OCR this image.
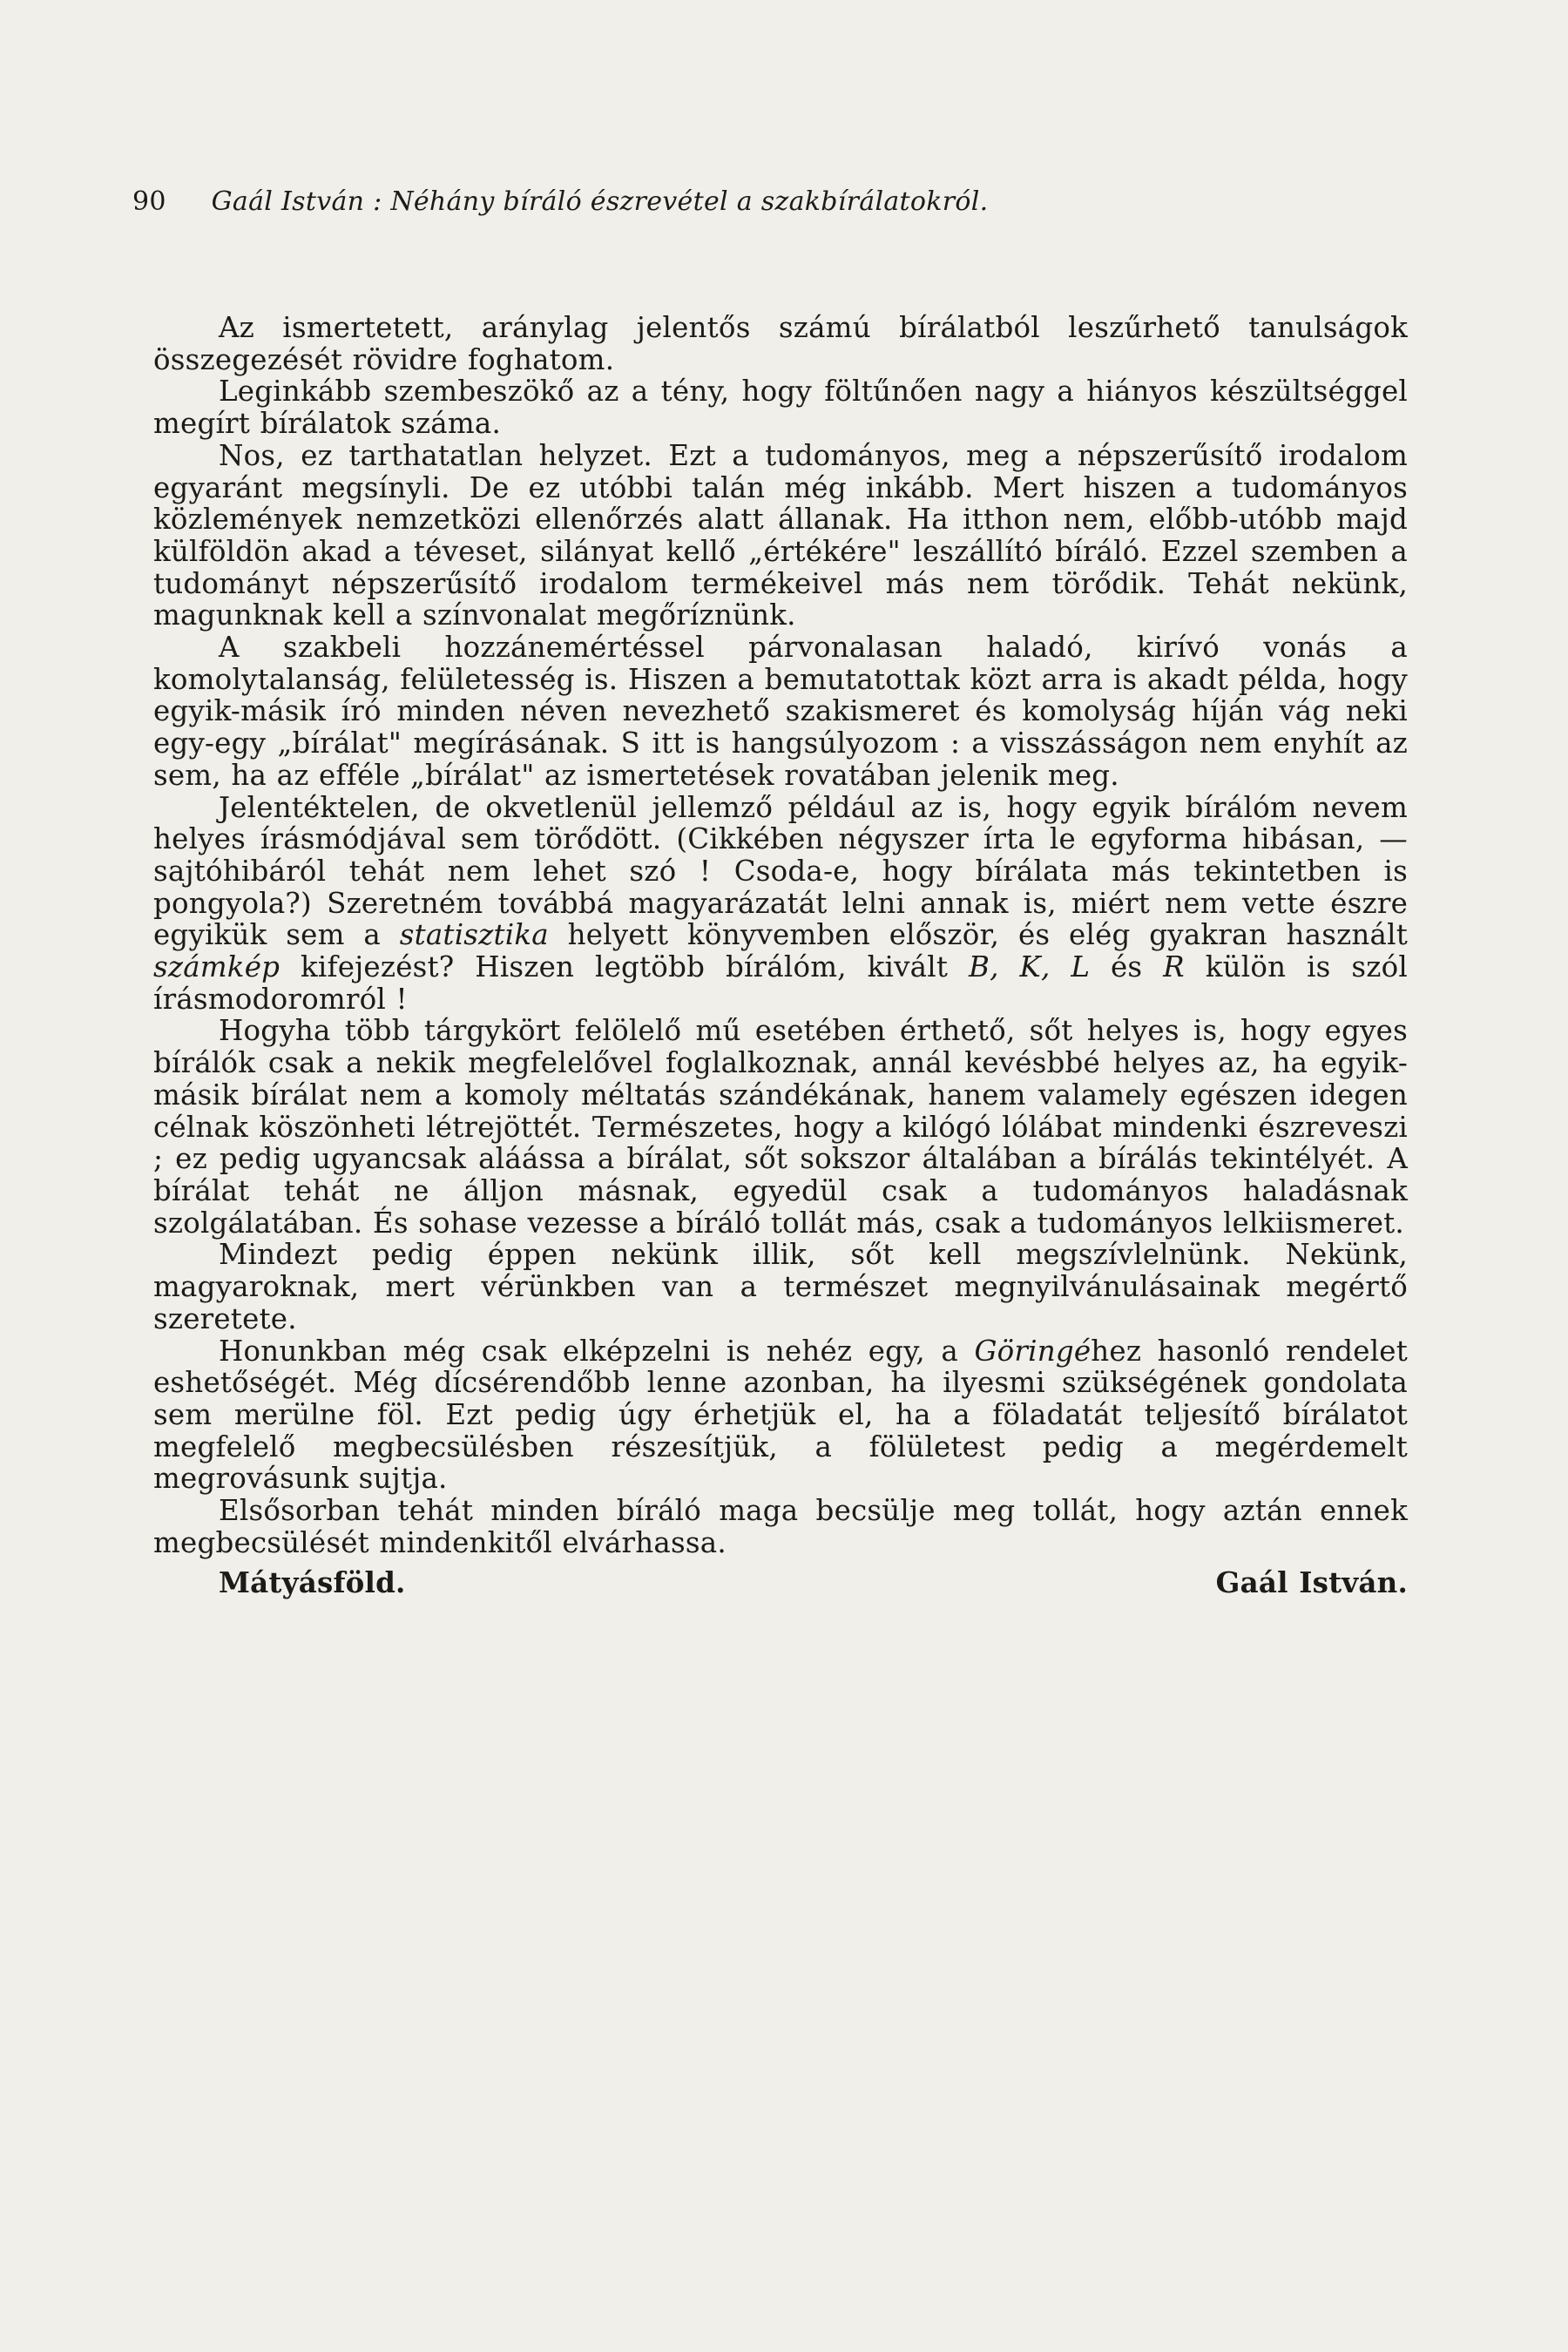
90 Gaál István : Néhány bíráló észrevétel a szakbírálatokról.

Az ismertetett, aránylag jelentős számú bírálatból leszűrhető tanulságok összegezését rövidre foghatom.

Leginkább szembeszökő az a tény, hogy föltűnően nagy a hiányos készültséggel megírt bírálatok száma.

Nos, ez tarthatatlan helyzet. Ezt a tudományos, meg a népszerűsítő irodalom egyaránt megsínyli. De ez utóbbi talán még inkább. Mert hiszen a tudományos közlemények nemzetközi ellenőrzés alatt állanak. Ha itthon nem, előbb-utóbb majd külföldön akad a téveset, silányat kellő „értékére" leszállító bíráló. Ezzel szemben a tudományt népszerűsítő irodalom termékeivel más nem törődik. Tehát nekünk, magunknak kell a színvonalat megőríznünk.

A szakbeli hozzánemértéssel párvonalasan haladó, kirívó vonás a komolytalanság, felületesség is. Hiszen a bemutatottak közt arra is akadt példa, hogy egyik-másik író minden néven nevezhető szakismeret és komolyság híján vág neki egy-egy „bírálat" megírásának. S itt is hangsúlyozom : a visszásságon nem enyhít az sem, ha az efféle „bírálat" az ismertetések rovatában jelenik meg.

Jelentéktelen, de okvetlenül jellemző például az is, hogy egyik bírálóm nevem helyes írásmódjával sem törődött. (Cikkében négyszer írta le egyforma hibásan, — sajtóhibáról tehát nem lehet szó ! Csoda-e, hogy bírálata más tekintetben is pongyola?) Szeretném továbbá magyarázatát lelni annak is, miért nem vette észre egyikük sem a statisztika helyett könyvemben először, és elég gyakran használt számkép kifejezést? Hiszen legtöbb bírálóm, kivált B, K, L és R külön is szól írásmodoromról !

Hogyha több tárgykört felölelő mű esetében érthető, sőt helyes is, hogy egyes bírálók csak a nekik megfelelővel foglalkoznak, annál kevésbbé helyes az, ha egyik-másik bírálat nem a komoly méltatás szándékának, hanem valamely egészen idegen célnak köszönheti létrejöttét. Természetes, hogy a kilógó lólábat mindenki észreveszi ; ez pedig ugyancsak aláássa a bírálat, sőt sokszor általában a bírálás tekintélyét. A bírálat tehát ne álljon másnak, egyedül csak a tudományos haladásnak szolgálatában. És sohase vezesse a bíráló tollát más, csak a tudományos lelkiismeret.

Mindezt pedig éppen nekünk illik, sőt kell megszívlelnünk. Nekünk, magyaroknak, mert vérünkben van a természet megnyilvánulásainak megértő szeretete.

Honunkban még csak elképzelni is nehéz egy, a Göringéhez hasonló rendelet eshetőségét. Még dícsérendőbb lenne azonban, ha ilyesmi szükségének gondolata sem merülne föl. Ezt pedig úgy érhetjük el, ha a föladatát teljesítő bírálatot megfelelő megbecsülésben részesítjük, a fölületest pedig a megérdemelt megrovásunk sujtja.

Elsősorban tehát minden bíráló maga becsülje meg tollát, hogy aztán ennek megbecsülését mindenkitől elvárhassa.

Mátyásföld.	Gaál István.
